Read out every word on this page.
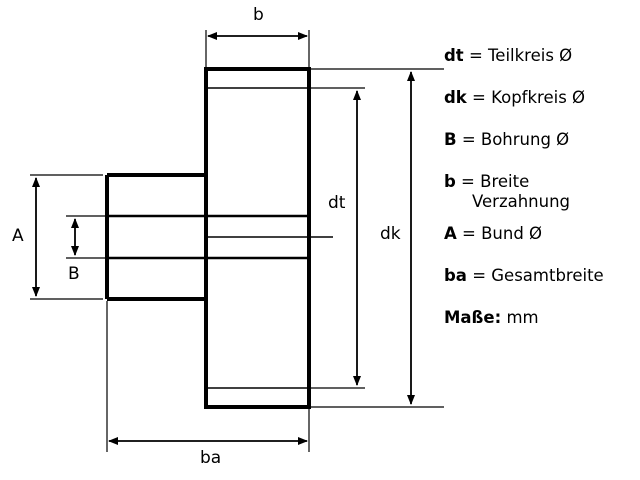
b
ba
dt
dk
A
B
dt = Teilkreis Ø
dk = Kopfkreis Ø
B = Bohrung Ø
b = Breite
Verzahnung
A = Bund Ø
ba = Gesamtbreite
Maße: mm
